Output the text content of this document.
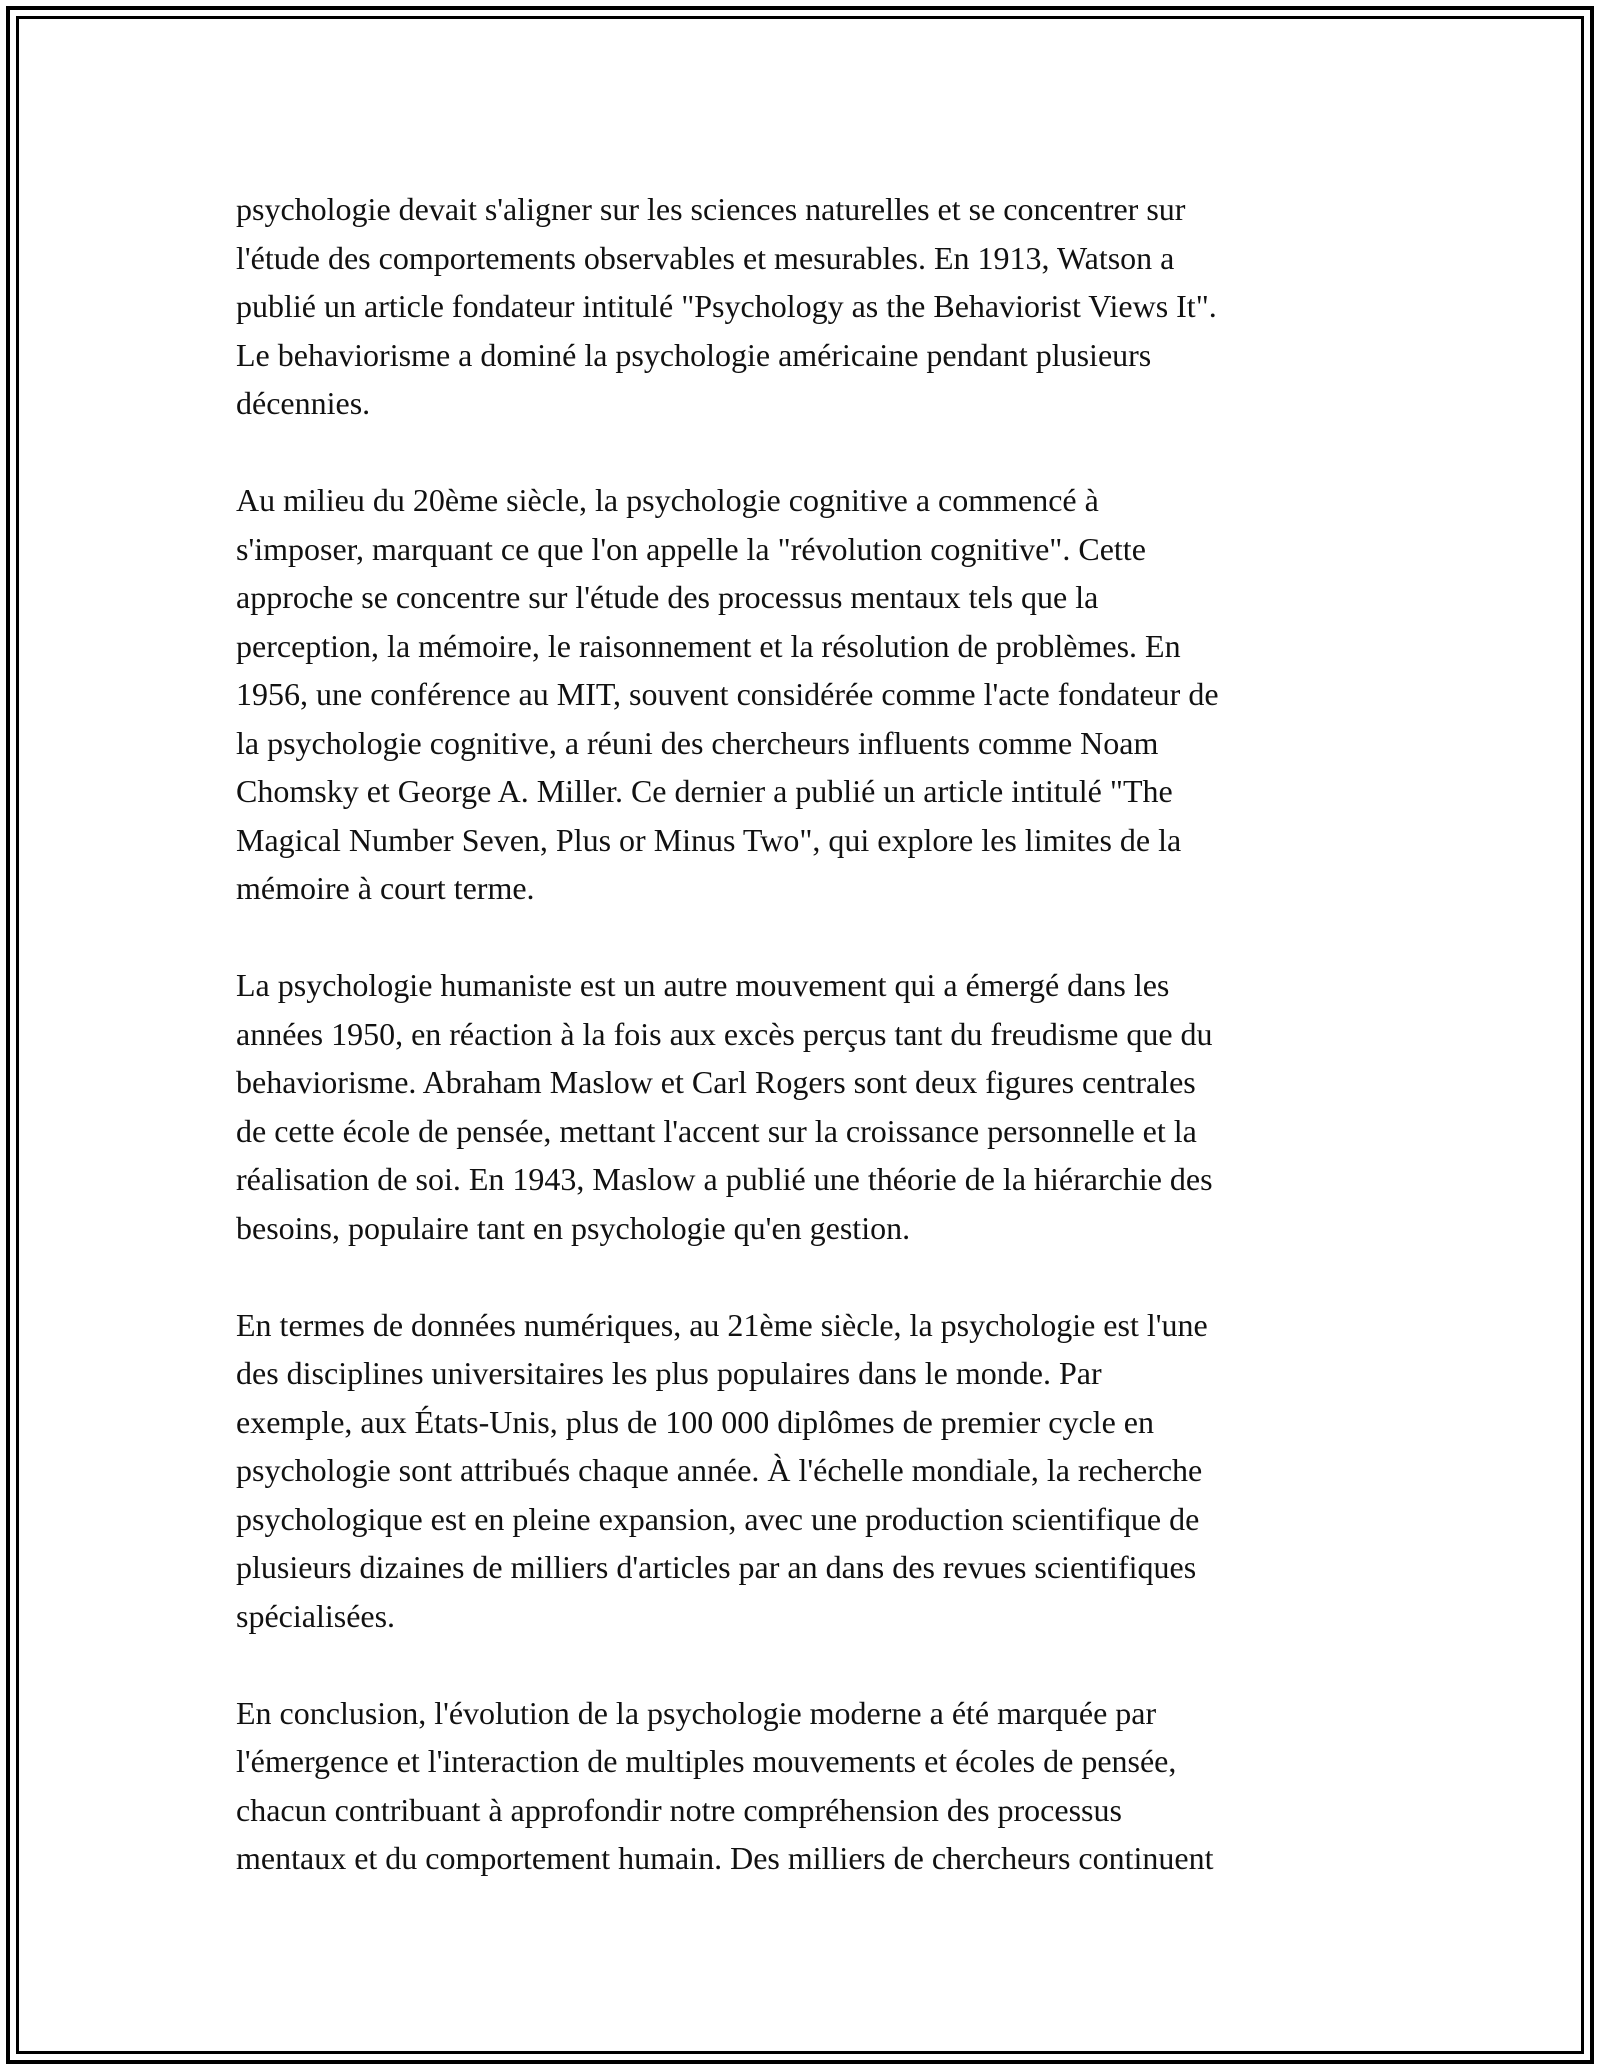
psychologie devait s'aligner sur les sciences naturelles et se concentrer sur
l'étude des comportements observables et mesurables. En 1913, Watson a
publié un article fondateur intitulé "Psychology as the Behaviorist Views It".
Le behaviorisme a dominé la psychologie américaine pendant plusieurs
décennies.

Au milieu du 20ème siècle, la psychologie cognitive a commencé à
s'imposer, marquant ce que l'on appelle la "révolution cognitive". Cette
approche se concentre sur l'étude des processus mentaux tels que la
perception, la mémoire, le raisonnement et la résolution de problèmes. En
1956, une conférence au MIT, souvent considérée comme l'acte fondateur de
la psychologie cognitive, a réuni des chercheurs influents comme Noam
Chomsky et George A. Miller. Ce dernier a publié un article intitulé "The
Magical Number Seven, Plus or Minus Two", qui explore les limites de la
mémoire à court terme.

La psychologie humaniste est un autre mouvement qui a émergé dans les
années 1950, en réaction à la fois aux excès perçus tant du freudisme que du
behaviorisme. Abraham Maslow et Carl Rogers sont deux figures centrales
de cette école de pensée, mettant l'accent sur la croissance personnelle et la
réalisation de soi. En 1943, Maslow a publié une théorie de la hiérarchie des
besoins, populaire tant en psychologie qu'en gestion.

En termes de données numériques, au 21ème siècle, la psychologie est l'une
des disciplines universitaires les plus populaires dans le monde. Par
exemple, aux États-Unis, plus de 100 000 diplômes de premier cycle en
psychologie sont attribués chaque année. À l'échelle mondiale, la recherche
psychologique est en pleine expansion, avec une production scientifique de
plusieurs dizaines de milliers d'articles par an dans des revues scientifiques
spécialisées.

En conclusion, l'évolution de la psychologie moderne a été marquée par
l'émergence et l'interaction de multiples mouvements et écoles de pensée,
chacun contribuant à approfondir notre compréhension des processus
mentaux et du comportement humain. Des milliers de chercheurs continuent
